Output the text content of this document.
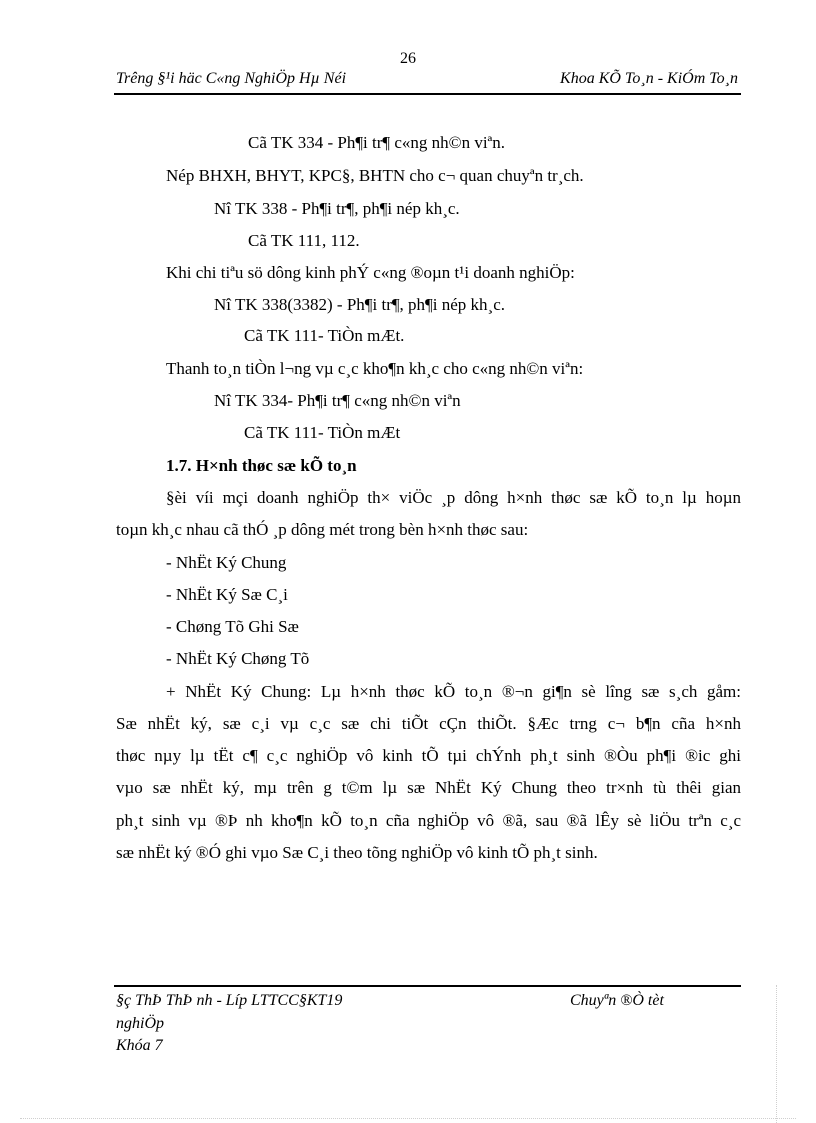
26
Trêng §¹i häc C«ng NghiÖp Hµ Néi	Khoa KÕ To¸n - KiÓm To¸n
Cã TK 334 - Ph¶i tr¶ c«ng nh©n viªn.
Nép BHXH, BHYT, KPC§, BHTN cho c¬ quan chuyªn tr¸ch.
Nî TK 338 - Ph¶i tr¶, ph¶i nép kh¸c.
Cã TK 111, 112.
Khi chi tiªu sö dông kinh phÝ c«ng ®oµn t¹i doanh nghiÖp:
Nî TK 338(3382) - Ph¶i tr¶, ph¶i nép kh¸c.
Cã TK 111- TiÒn mÆt.
Thanh to¸n tiÒn l¬ng vµ c¸c kho¶n kh¸c cho c«ng nh©n viªn:
Nî TK 334- Ph¶i tr¶ c«ng nh©n viªn
Cã TK 111- TiÒn mÆt
1.7. H×nh thøc sæ kÕ to¸n
§èi víi mçi doanh nghiÖp th× viÖc ¸p dông h×nh thøc sæ kÕ to¸n lµ hoµn
toµn kh¸c nhau cã thÓ ¸p dông mét trong bèn h×nh thøc sau:
- NhËt Ký Chung
- NhËt Ký Sæ C¸i
- Chøng Tõ Ghi Sæ
- NhËt Ký Chøng Tõ
+ NhËt Ký Chung: Lµ h×nh thøc kÕ to¸n ®¬n gi¶n sè lîng sæ s¸ch gåm:
Sæ nhËt ký, sæ c¸i vµ c¸c sæ chi tiÕt cÇn thiÕt. §Æc trng c¬ b¶n cña h×nh
thøc nµy lµ tËt c¶ c¸c nghiÖp vô kinh tÕ tµi chÝnh ph¸t sinh ®Òu ph¶i ®ic ghi
vµo sæ nhËt ký, mµ trên g t©m lµ sæ NhËt Ký Chung theo tr×nh tù thêi gian
ph¸t sinh vµ ®Þ nh kho¶n kÕ to¸n cña nghiÖp vô ®ã, sau ®ã lÊy sè liÖu trªn c¸c
sæ nhËt ký ®Ó ghi vµo Sæ C¸i theo tõng nghiÖp vô kinh tÕ ph¸t sinh.
§ç ThÞ ThÞ nh - Líp LTTCC§KT19	Chuyªn ®Ò tèt
nghiÖp
Khóa 7
